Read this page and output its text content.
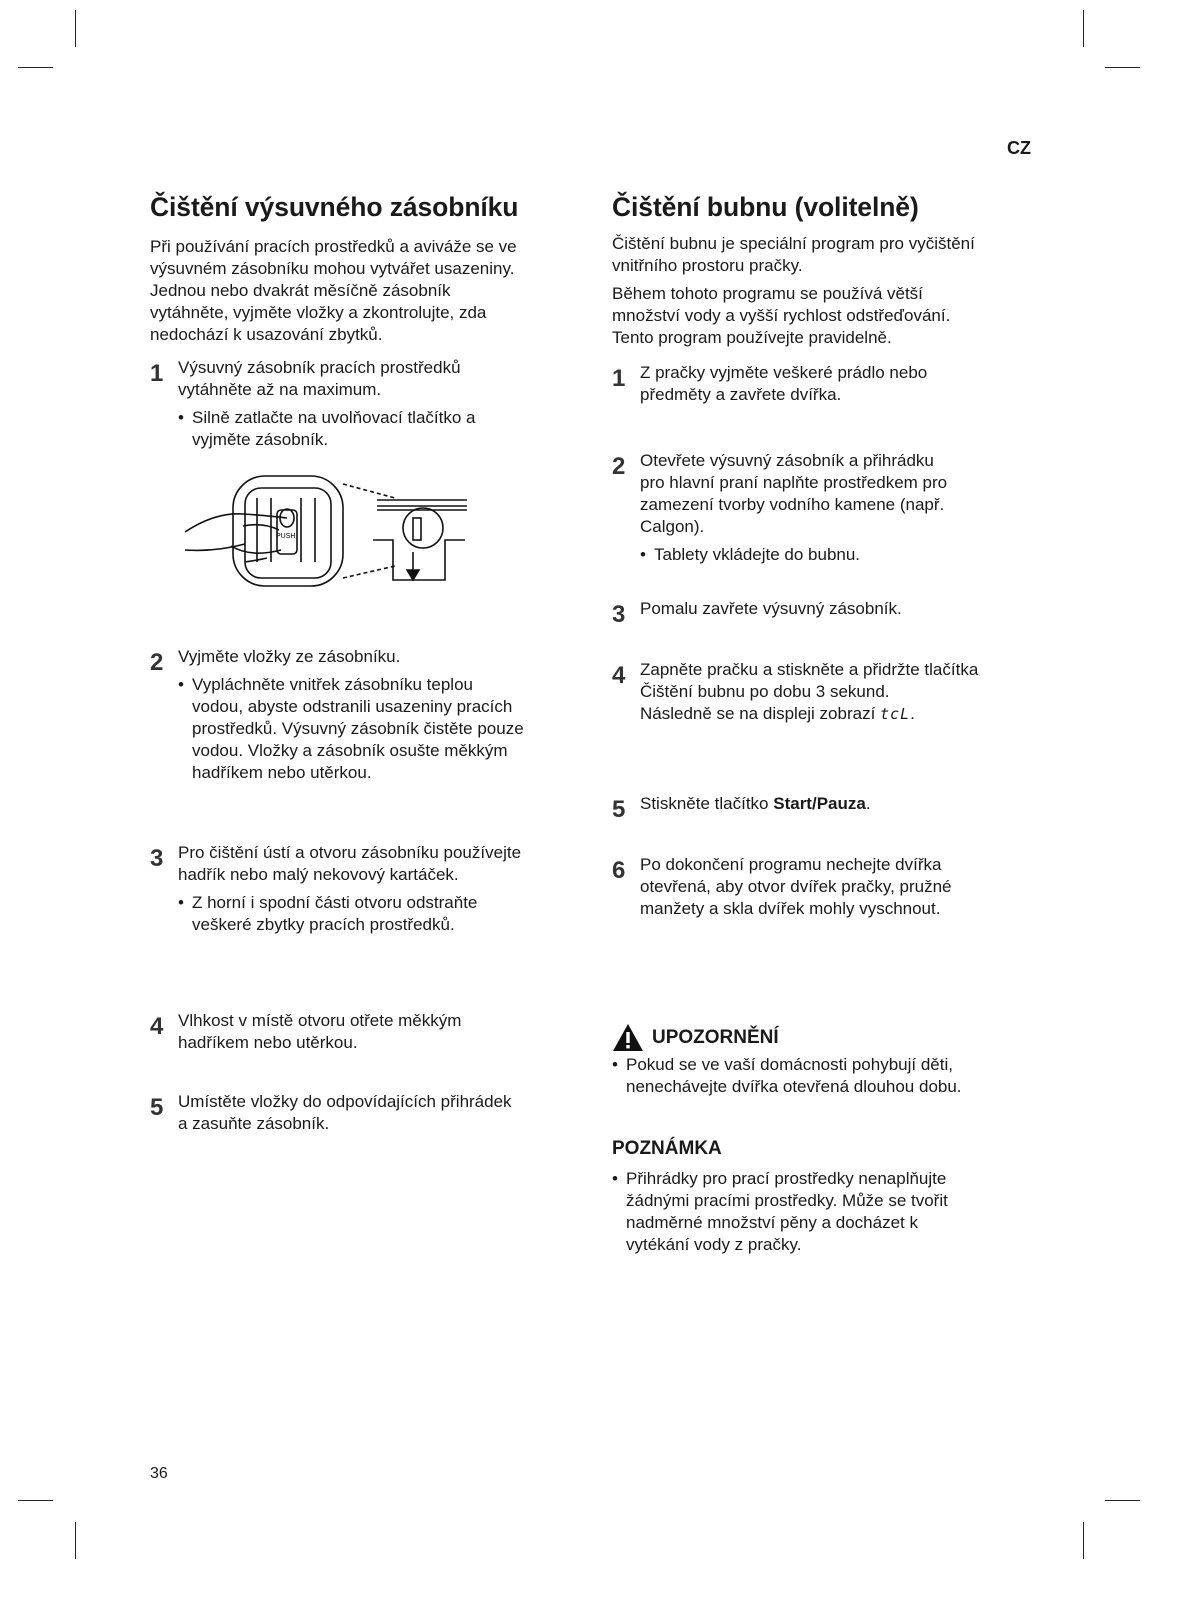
CZ
Čištění výsuvného zásobníku

Při používání pracích prostředků a aviváže se ve

výsuvném zásobníku mohou vytvářet usazeniny.

Jednou nebo dvakrát měsíčně zásobník

vytáhněte, vyjměte vložky a zkontrolujte, zda

nedochází k usazování zbytků.

1 Výsuvný zásobník pracích prostředků

vytáhněte až na maximum.

• Silně zatlačte na uvolňovací tlačítko a

vyjměte zásobník.

PUSH
2 Vyjměte vložky ze zásobníku.

• Vypláchněte vnitřek zásobníku teplou

vodou, abyste odstranili usazeniny pracích

prostředků. Výsuvný zásobník čistěte pouze

vodou. Vložky a zásobník osušte měkkým

hadříkem nebo utěrkou.

3 Pro čištění ústí a otvoru zásobníku používejte

hadřík nebo malý nekovový kartáček.

• Z horní i spodní části otvoru odstraňte

veškeré zbytky pracích prostředků.

4 Vlhkost v místě otvoru otřete měkkým

hadříkem nebo utěrkou.

5 Umístěte vložky do odpovídajících přihrádek

a zasuňte zásobník.

Čištění bubnu (volitelně)

Čištění bubnu je speciální program pro vyčištění

vnitřního prostoru pračky.

Během tohoto programu se používá větší

množství vody a vyšší rychlost odstřeďování.

Tento program používejte pravidelně.

1 Z pračky vyjměte veškeré prádlo nebo

předměty a zavřete dvířka.

2 Otevřete výsuvný zásobník a přihrádku

pro hlavní praní naplňte prostředkem pro

zamezení tvorby vodního kamene (např.

Calgon).

• Tablety vkládejte do bubnu.

3 Pomalu zavřete výsuvný zásobník.

4 Zapněte pračku a stiskněte a přidržte tlačítka

Čištění bubnu po dobu 3 sekund.

Následně se na displeji zobrazí tcL.

5 Stiskněte tlačítko Start/Pauza.

6 Po dokončení programu nechejte dvířka

otevřená, aby otvor dvířek pračky, pružné

manžety a skla dvířek mohly vyschnout.

UPOZORNĚNÍ
• Pokud se ve vaší domácnosti pohybují děti,

nenechávejte dvířka otevřená dlouhou dobu.

POZNÁMKA
• Přihrádky pro prací prostředky nenaplňujte

žádnými pracími prostředky. Může se tvořit

nadměrné množství pěny a docházet k

vytékání vody z pračky.

36
